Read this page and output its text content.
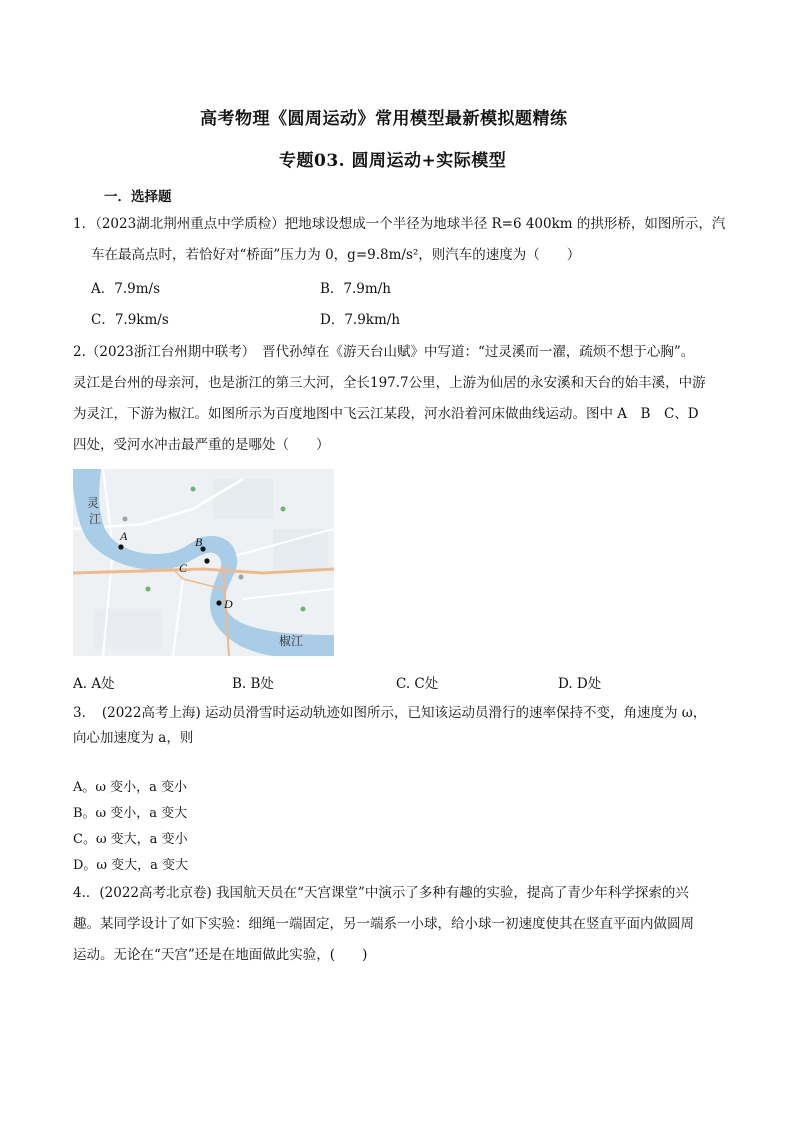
高考物理《圆周运动》常用模型最新模拟题精练
专题03. 圆周运动+实际模型
一．选择题
1．（2023湖北荆州重点中学质检）把地球设想成一个半径为地球半径 R=6 400km 的拱形桥，如图所示，汽
车在最高点时，若恰好对“桥面”压力为 0，g=9.8m/s²，则汽车的速度为（　　）
A．7.9m/s	B．7.9m/h
C．7.9km/s	D．7.9km/h
2.（2023浙江台州期中联考）　晋代孙绰在《游天台山赋》中写道：“过灵溪而一濯，疏烦不想于心胸”。
灵江是台州的母亲河，也是浙江的第三大河，全长197.7公里，上游为仙居的永安溪和天台的始丰溪，中游
为灵江，下游为椒江。如图所示为百度地图中飞云江某段，河水沿着河床做曲线运动。图中 A　B　C、D
四处，受河水冲击最严重的是哪处（　　）
灵
江
椒江
A	B
C
D
A. A处	B. B处	C. C处	D. D处
3．　(2022高考上海) 运动员滑雪时运动轨迹如图所示，已知该运动员滑行的速率保持不变，角速度为 ω，
向心加速度为 a，则
A。ω 变小，a 变小
B。ω 变小，a 变大
C。ω 变大，a 变小
D。ω 变大，a 变大
4.．(2022高考北京卷) 我国航天员在“天宫课堂”中演示了多种有趣的实验，提高了青少年科学探索的兴
趣。某同学设计了如下实验：细绳一端固定，另一端系一小球，给小球一初速度使其在竖直平面内做圆周
运动。无论在“天宫”还是在地面做此实验，(　　)
